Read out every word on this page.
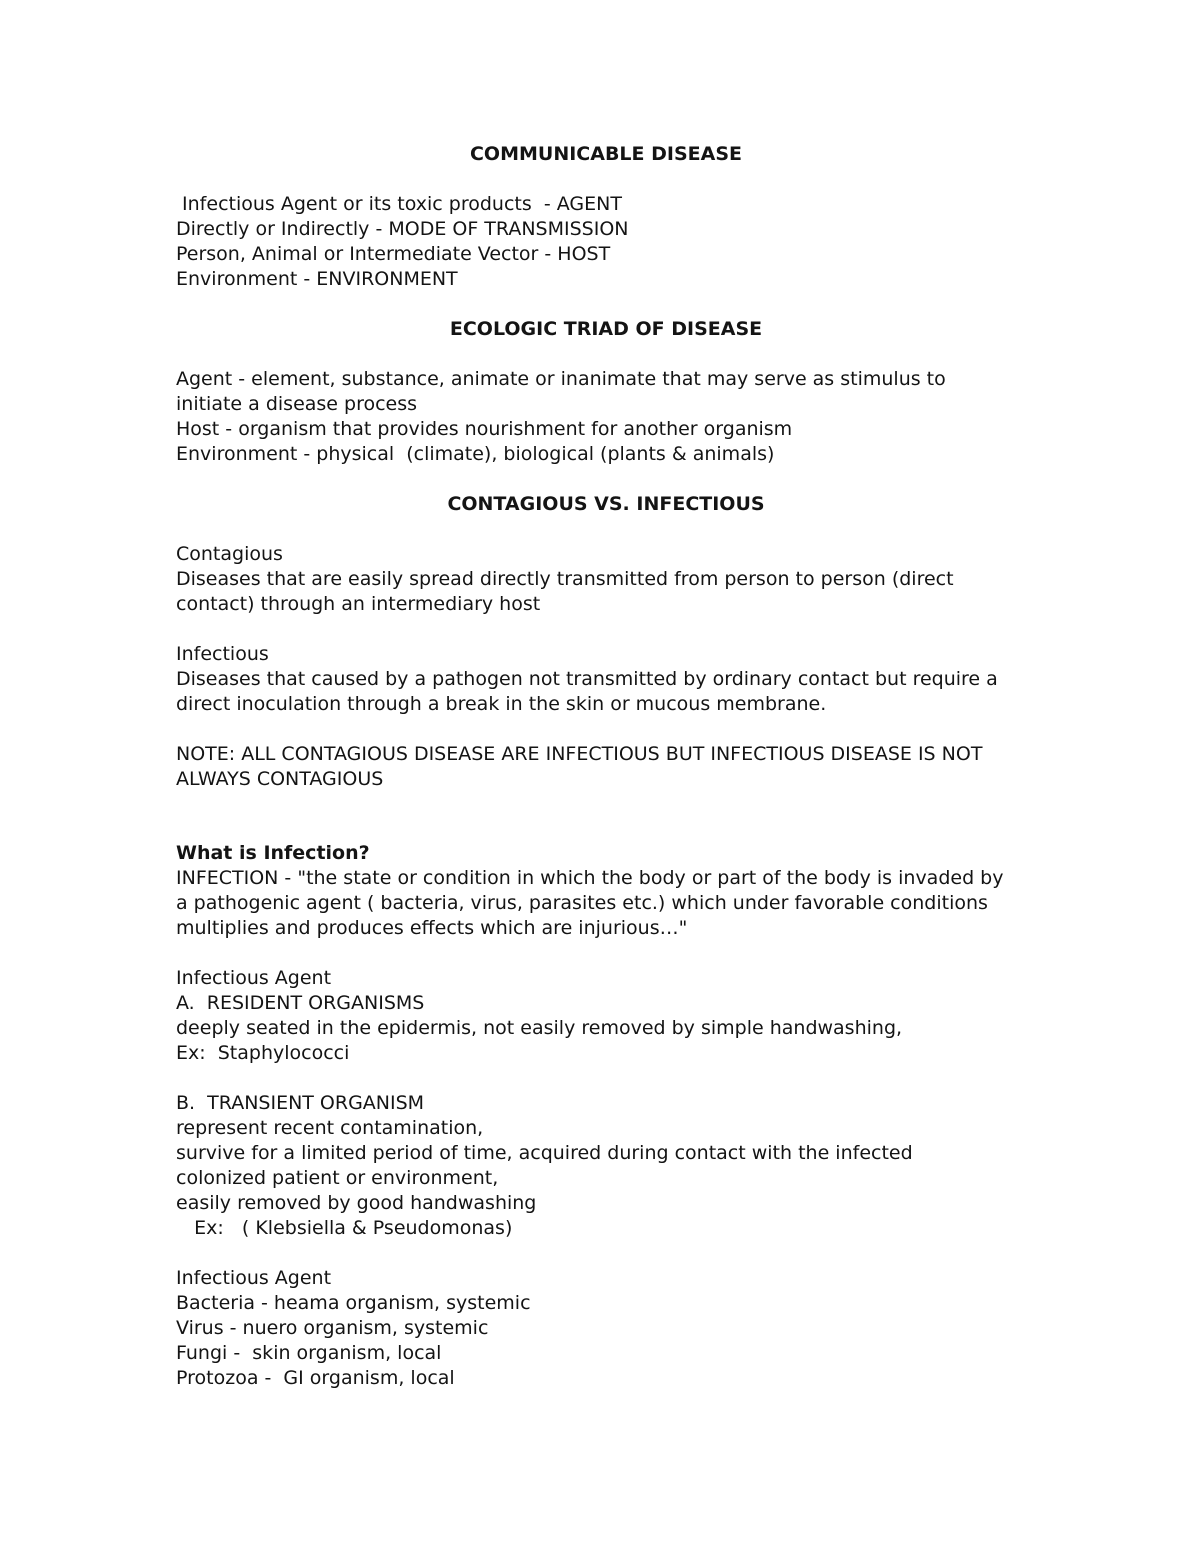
COMMUNICABLE DISEASE

Infectious Agent or its toxic products  - AGENT

Directly or Indirectly - MODE OF TRANSMISSION

Person, Animal or Intermediate Vector - HOST

Environment - ENVIRONMENT

ECOLOGIC TRIAD OF DISEASE

Agent - element, substance, animate or inanimate that may serve as stimulus to

initiate a disease process

Host - organism that provides nourishment for another organism

Environment - physical  (climate), biological (plants & animals)

CONTAGIOUS VS. INFECTIOUS

Contagious

Diseases that are easily spread directly transmitted from person to person (direct

contact) through an intermediary host

Infectious

Diseases that caused by a pathogen not transmitted by ordinary contact but require a

direct inoculation through a break in the skin or mucous membrane.

NOTE: ALL CONTAGIOUS DISEASE ARE INFECTIOUS BUT INFECTIOUS DISEASE IS NOT

ALWAYS CONTAGIOUS

What is Infection?

INFECTION - "the state or condition in which the body or part of the body is invaded by

a pathogenic agent ( bacteria, virus, parasites etc.) which under favorable conditions

multiplies and produces effects which are injurious…"

Infectious Agent

A.  RESIDENT ORGANISMS

deeply seated in the epidermis, not easily removed by simple handwashing,

Ex:  Staphylococci

B.  TRANSIENT ORGANISM

represent recent contamination,

survive for a limited period of time, acquired during contact with the infected

colonized patient or environment,

easily removed by good handwashing

Ex:   ( Klebsiella & Pseudomonas)

Infectious Agent

Bacteria - heama organism, systemic

Virus - nuero organism, systemic

Fungi -  skin organism, local

Protozoa -  GI organism, local
